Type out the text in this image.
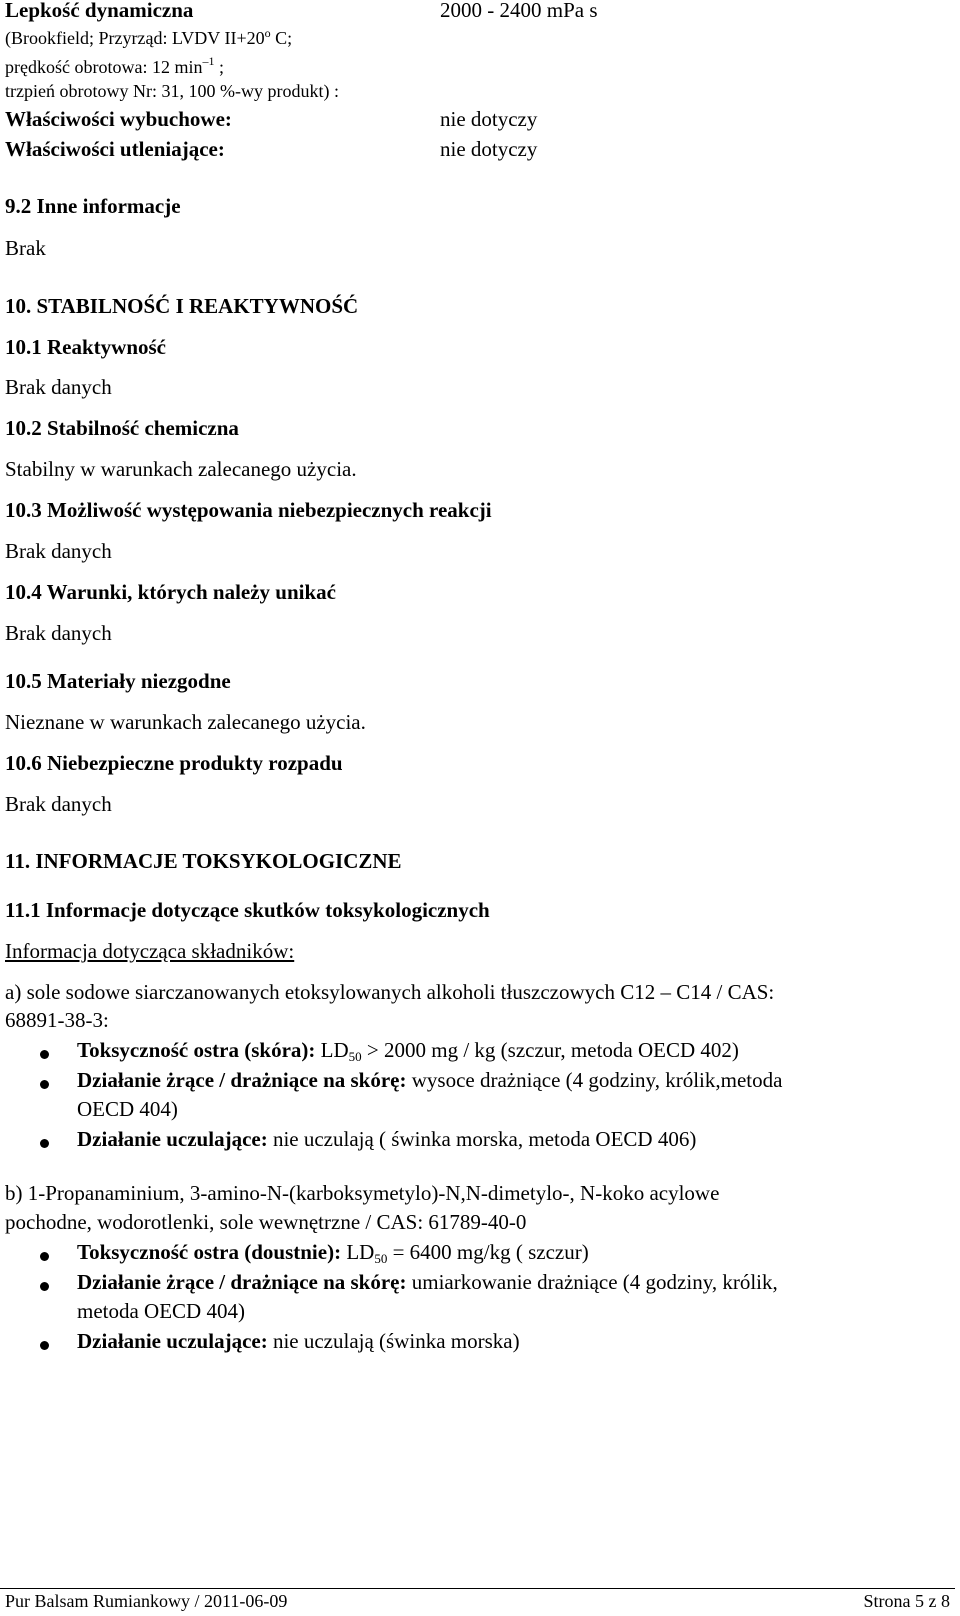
Lepkość dynamiczna	2000 - 2400 mPa s
(Brookfield; Przyrząd: LVDV $II+20^o$ C;
prędkość obrotowa: 12 $\min^{-1}$ ;
trzpień obrotowy Nr: 31, 100 %-wy produkt) :
Właściwości wybuchowe:	nie dotyczy
Właściwości utleniające:	nie dotyczy
9.2 Inne informacje
Brak
10. STABILNOŚĆ I REAKTYWNOŚĆ
10.1 Reaktywność
Brak danych
10.2 Stabilność chemiczna
Stabilny w warunkach zalecanego użycia.
10.3 Możliwość występowania niebezpiecznych reakcji
Brak danych
10.4 Warunki, których należy unikać
Brak danych
10.5 Materiały niezgodne
Nieznane w warunkach zalecanego użycia.
10.6 Niebezpieczne produkty rozpadu
Brak danych
11. INFORMACJE TOKSYKOLOGICZNE
11.1 Informacje dotyczące skutków toksykologicznych
Informacja dotycząca składników:
a) sole sodowe siarczanowanych etoksylowanych alkoholi tłuszczowych C12 – C14 / CAS:
68891-38-3:
Toksyczność ostra (skóra): $LD_{50} > 2000$ mg / kg (szczur, metoda OECD 402)
Działanie żrące / drażniące na skórę: wysoce drażniące (4 godziny, królik,metoda
OECD 404)
Działanie uczulające: nie uczulają ( świnka morska, metoda OECD 406)
b) 1-Propanaminium, 3-amino-N-(karboksymetylo)-N,N-dimetylo-, N-koko acylowe
pochodne, wodorotlenki, sole wewnętrzne / CAS: 61789-40-0
Toksyczność ostra (doustnie): $LD_{50} = 6400$ mg/kg ( szczur)
Działanie żrące / drażniące na skórę: umiarkowanie drażniące (4 godziny, królik,
metoda OECD 404)
Działanie uczulające: nie uczulają (świnka morska)
Pur Balsam Rumiankowy / 2011-06-09	Strona 5 z 8
